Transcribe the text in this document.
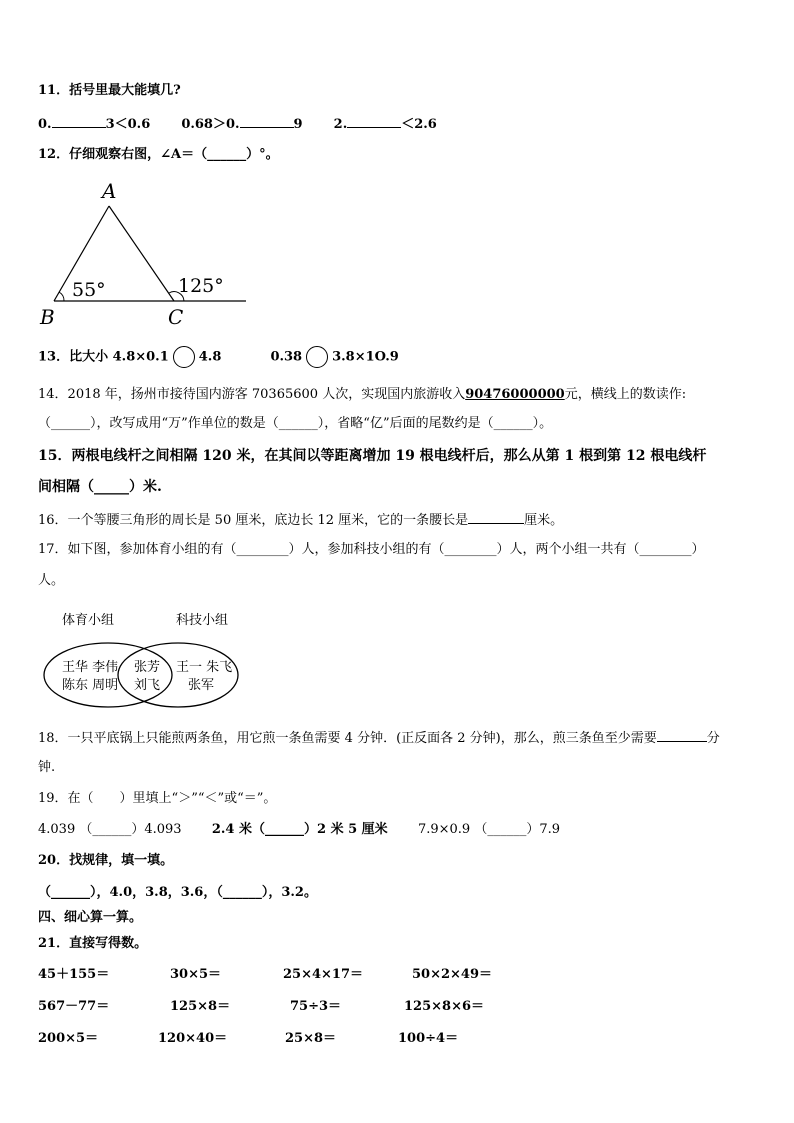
11．括号里最大能填几?
0.	3＜0.6 0.68＞0.	9 2.	＜2.6
12．仔细观察右图，∠A＝（______）°。
A
B	C
55°	125°
13．比大小 4.8×0.1 4.8	0.38 3.8×1O.9
14．2018 年，扬州市接待国内游客 70365600 人次，实现国内旅游收入90476000000元，横线上的数读作:
（______），改写成用“万”作单位的数是（______），省略“亿”后面的尾数约是（______）。
15．两根电线杆之间相隔 120 米，在其间以等距离增加 19 根电线杆后，那么从第 1 根到第 12 根电线杆
间相隔（_____）米.
16．一个等腰三角形的周长是 50 厘米，底边长 12 厘米，它的一条腰长是	厘米。
17．如下图，参加体育小组的有（________）人，参加科技小组的有（________）人，两个小组一共有（________）
人。
体育小组	科技小组
王华 李伟
陈东 周明
张芳
刘飞
王一 朱飞
张军
18．一只平底锅上只能煎两条鱼，用它煎一条鱼需要 4 分钟．(正反面各 2 分钟)，那么，煎三条鱼至少需要	分
钟.
19．在（　　）里填上“＞”“＜”或“＝”。
4.039 （______）4.093 2.4 米（______）2 米 5 厘米 7.9×0.9 （______）7.9
20．找规律，填一填。
（______），4.0，3.8，3.6，（______），3.2。
四、细心算一算。
21．直接写得数。
45＋155＝	30×5＝	25×4×17＝	50×2×49＝
567－77＝	125×8＝	75÷3＝	125×8×6＝
200×5＝	120×40＝	25×8＝	100÷4＝
